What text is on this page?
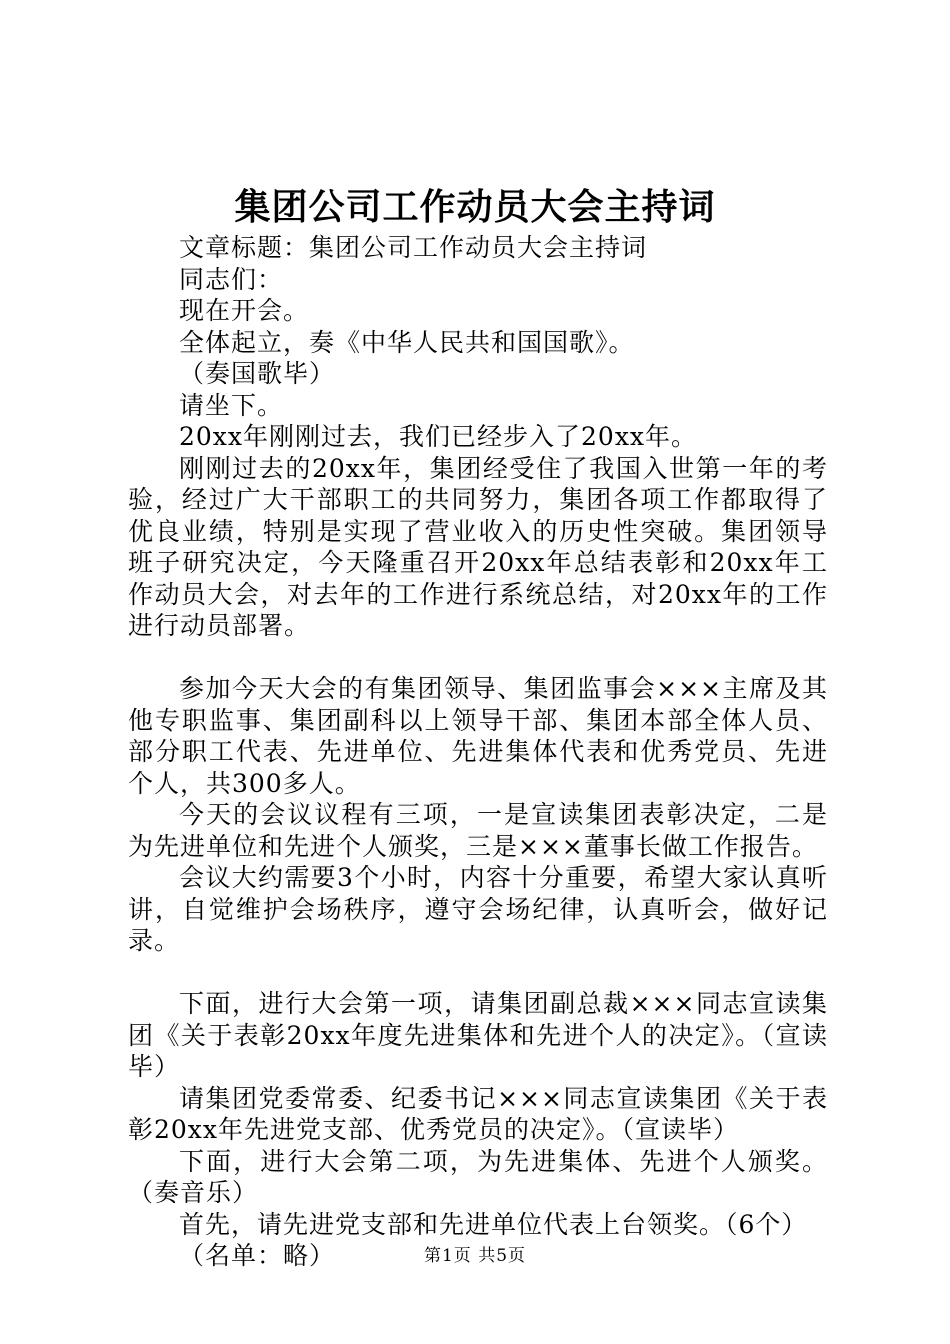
集团公司工作动员大会主持词

文章标题：集团公司工作动员大会主持词

同志们：

现在开会。

全体起立，奏《中华人民共和国国歌》。

（奏国歌毕）

请坐下。

20xx年刚刚过去，我们已经步入了20xx年。

刚刚过去的20xx年，集团经受住了我国入世第一年的考验，经过广大干部职工的共同努力，集团各项工作都取得了优良业绩，特别是实现了营业收入的历史性突破。集团领导班子研究决定，今天隆重召开20xx年总结表彰和20xx年工作动员大会，对去年的工作进行系统总结，对20xx年的工作进行动员部署。

参加今天大会的有集团领导、集团监事会×××主席及其他专职监事、集团副科以上领导干部、集团本部全体人员、部分职工代表、先进单位、先进集体代表和优秀党员、先进个人，共300多人。

今天的会议议程有三项，一是宣读集团表彰决定，二是为先进单位和先进个人颁奖，三是×××董事长做工作报告。

会议大约需要3个小时，内容十分重要，希望大家认真听讲，自觉维护会场秩序，遵守会场纪律，认真听会，做好记录。

下面，进行大会第一项，请集团副总裁×××同志宣读集团《关于表彰20xx年度先进集体和先进个人的决定》。（宣读毕）

请集团党委常委、纪委书记×××同志宣读集团《关于表彰20xx年先进党支部、优秀党员的决定》。（宣读毕）

下面，进行大会第二项，为先进集体、先进个人颁奖。（奏音乐）

首先，请先进党支部和先进单位代表上台领奖。（6个）

（名单：略）	第1页 共5页
